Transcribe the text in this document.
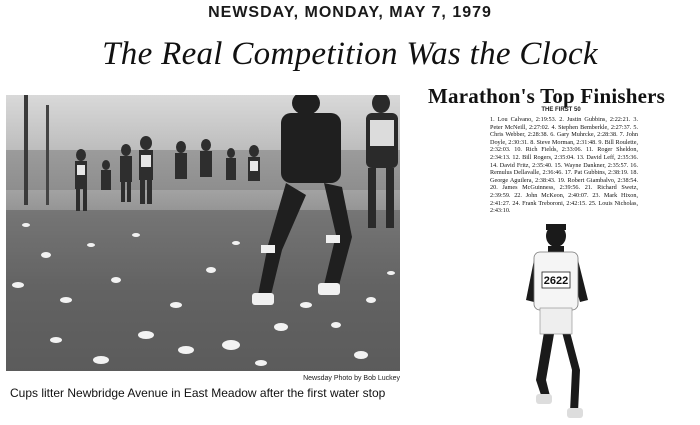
NEWSDAY, MONDAY, MAY 7, 1979
The Real Competition Was the Clock
Newsday Photo by Bob Luckey
Cups litter Newbridge Avenue in East Meadow after the first water stop
Marathon's Top Finishers
THE FIRST 50

1. Lou Calvano, 2:19:53. 2. Justin Gubbins, 2:22:21. 3. Peter McNeill, 2:27:02. 4. Stephen Bemberkle, 2:27:37. 5. Chris Webber, 2:28:38. 6. Gary Muhrcke, 2:28:38. 7. John Doyle, 2:30:31. 8. Steve Morman, 2:31:48. 9. Bill Roulette, 2:32:03. 10. Rich Fields, 2:33:06. 11. Roger Sheldon, 2:34:13. 12. Bill Rogers, 2:35:04. 13. David Leff, 2:35:36. 14. David Fritz, 2:35:40. 15. Wayne Dankner, 2:35:57. 16. Remulus Dellavalle, 2:36:46. 17. Pat Gubbins, 2:38:19. 18. George Aguilera, 2:38:43. 19. Robert Giambalvo, 2:38:54. 20. James McGuinness, 2:39:56. 21. Richard Swetz, 2:39:59. 22. John McKeon, 2:40:07. 23. Mark Hixon, 2:41:27. 24. Frank Treboroni, 2:42:15. 25. Louis Nicholas, 2:43:10.

2622
